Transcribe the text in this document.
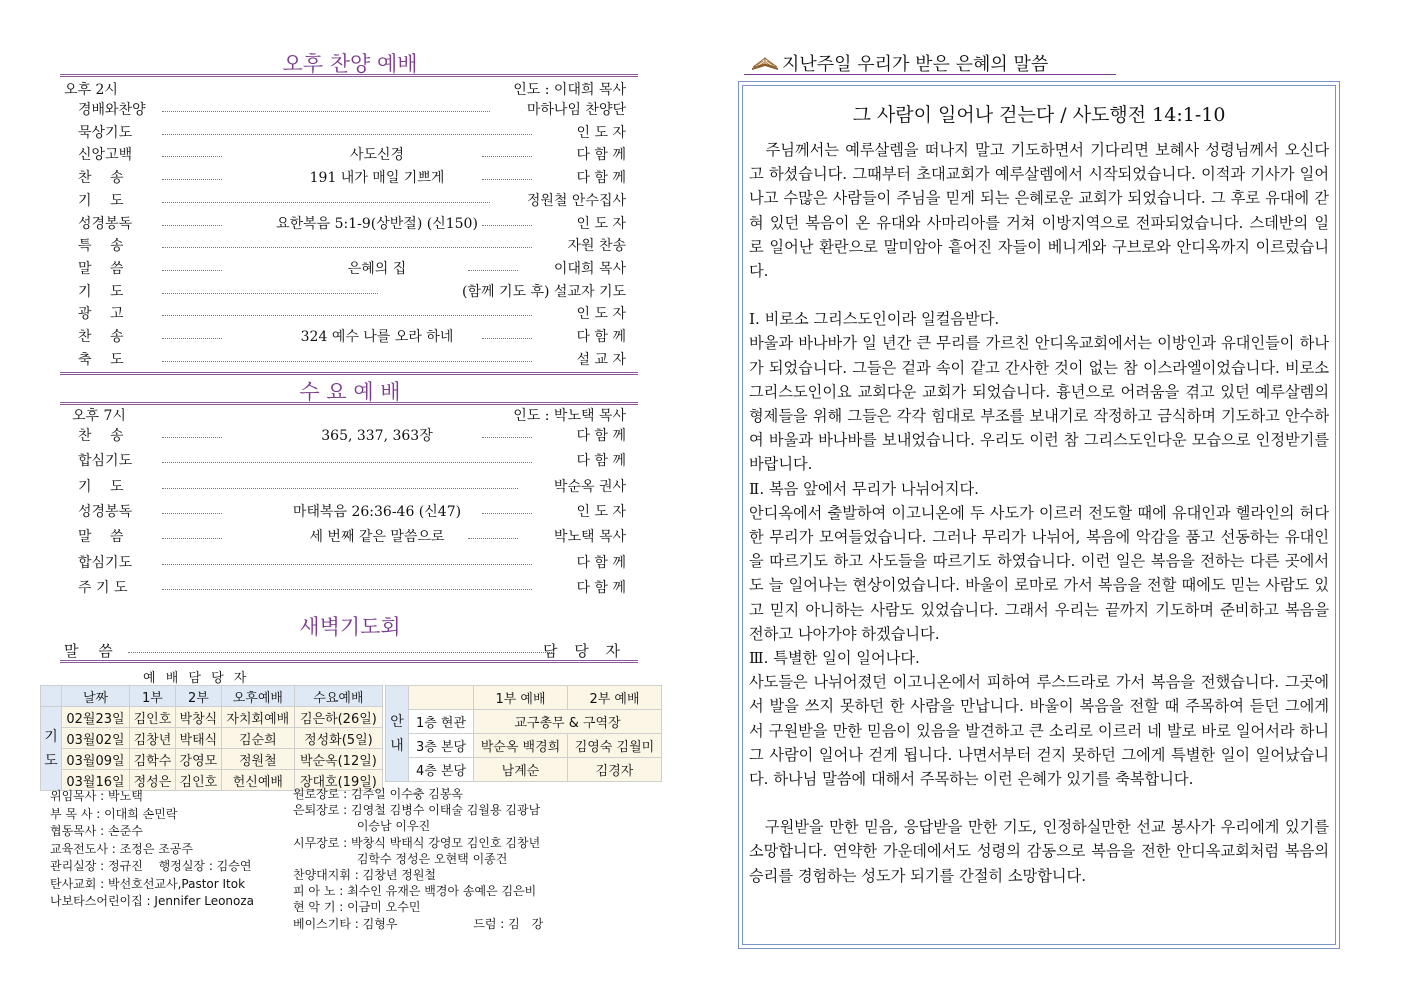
오후 찬양 예배
오후 2시	인도 : 이대희 목사
경배와찬양	마하나임 찬양단
묵상기도	인 도 자
신앙고백	사도신경	다 함 께
찬　 송	191 내가 매일 기쁘게	다 함 께
기　 도	정원철 안수집사
성경봉독	요한복음 5:1-9(상반절) (신150)	인 도 자
특　 송	자원 찬송
말　 씀	은혜의 집	이대희 목사
기　 도	(함께 기도 후) 설교자 기도
광　 고	인 도 자
찬　 송	324 예수 나를 오라 하네	다 함 께
축　 도	설 교 자
수 요 예 배
오후 7시	인도 : 박노택 목사
찬　 송	365, 337, 363장	다 함 께
합심기도	다 함 께
기　 도	박순옥 권사
성경봉독	마태복음 26:36-46 (신47)	인 도 자
말　 씀	세 번째 같은 말씀으로	박노택 목사
합심기도	다 함 께
주 기 도	다 함 께
새벽기도회
말　 씀	담 당 자
예 배 담 당 자
	날짜	1부	2부	오후예배	수요예배
기
도	02월23일	김인호	박창식	자치회예배	김은하(26일)
	03월02일	김창년	박태식	김순희	정성화(5일)
	03월09일	김학수	강영모	정원철	박순옥(12일)
	03월16일	정성은	김인호	헌신예배	장대호(19일)
안
내		1부 예배	2부 예배
	1층 현관	교구총무 & 구역장	
	3층 본당	박순옥 백경희	김영숙 김월미
	4층 본당	남계순	김경자
위임목사 : 박노택
부 목 사 : 이대희 손민락
협동목사 : 손준수
교육전도사 : 조정은 조공주
관리실장 : 정규진　 행정실장 : 김승연
탄사교회 : 박선호선교사,Pastor Itok
나보타스어린이집 : Jennifer Leonoza
원로장로 : 김주일 이수충 김봉옥
은퇴장로 : 김영철 김병수 이태술 김월용 김광남
　　　　　 이승남 이우진
시무장로 : 박창식 박태식 강영모 김인호 김창년
　　　　　 김학수 정성은 오현택 이종건
찬양대지휘 : 김창년 정원철
피 아 노 : 최수인 유재은 백경아 송예은 김은비
현 악 기 : 이금미 오수민
베이스기타 : 김형우　　　　　　 드럼 : 김　강
지난주일 우리가 받은 은혜의 말씀
그 사람이 일어나 걷는다 / 사도행전 14:1-10

　주님께서는 예루살렘을 떠나지 말고 기도하면서 기다리면 보혜사 성령님께서 오신다고 하셨습니다. 그때부터 초대교회가 예루살렘에서 시작되었습니다. 이적과 기사가 일어나고 수많은 사람들이 주님을 믿게 되는 은혜로운 교회가 되었습니다. 그 후로 유대에 갇혀 있던 복음이 온 유대와 사마리아를 거쳐 이방지역으로 전파되었습니다. 스데반의 일로 일어난 환란으로 말미암아 흩어진 자들이 베니게와 구브로와 안디옥까지 이르렀습니다.

Ⅰ. 비로소 그리스도인이라 일컬음받다.

바울과 바나바가 일 년간 큰 무리를 가르친 안디옥교회에서는 이방인과 유대인들이 하나가 되었습니다. 그들은 겉과 속이 같고 간사한 것이 없는 참 이스라엘이었습니다. 비로소 그리스도인이요 교회다운 교회가 되었습니다. 흉년으로 어려움을 겪고 있던 예루살렘의 형제들을 위해 그들은 각각 힘대로 부조를 보내기로 작정하고 금식하며 기도하고 안수하여 바울과 바나바를 보내었습니다. 우리도 이런 참 그리스도인다운 모습으로 인정받기를 바랍니다.

Ⅱ. 복음 앞에서 무리가 나뉘어지다.

안디옥에서 출발하여 이고니온에 두 사도가 이르러 전도할 때에 유대인과 헬라인의 허다한 무리가 모여들었습니다. 그러나 무리가 나뉘어, 복음에 악감을 품고 선동하는 유대인을 따르기도 하고 사도들을 따르기도 하였습니다. 이런 일은 복음을 전하는 다른 곳에서도 늘 일어나는 현상이었습니다. 바울이 로마로 가서 복음을 전할 때에도 믿는 사람도 있고 믿지 아니하는 사람도 있었습니다. 그래서 우리는 끝까지 기도하며 준비하고 복음을 전하고 나아가야 하겠습니다.

Ⅲ. 특별한 일이 일어나다.

사도들은 나뉘어졌던 이고니온에서 피하여 루스드라로 가서 복음을 전했습니다. 그곳에서 발을 쓰지 못하던 한 사람을 만납니다. 바울이 복음을 전할 때 주목하여 듣던 그에게서 구원받을 만한 믿음이 있음을 발견하고 큰 소리로 이르러 네 발로 바로 일어서라 하니 그 사람이 일어나 걷게 됩니다. 나면서부터 걷지 못하던 그에게 특별한 일이 일어났습니다. 하나님 말씀에 대해서 주목하는 이런 은혜가 있기를 축복합니다.

　구원받을 만한 믿음, 응답받을 만한 기도, 인정하실만한 선교 봉사가 우리에게 있기를 소망합니다. 연약한 가운데에서도 성령의 감동으로 복음을 전한 안디옥교회처럼 복음의 승리를 경험하는 성도가 되기를 간절히 소망합니다.
